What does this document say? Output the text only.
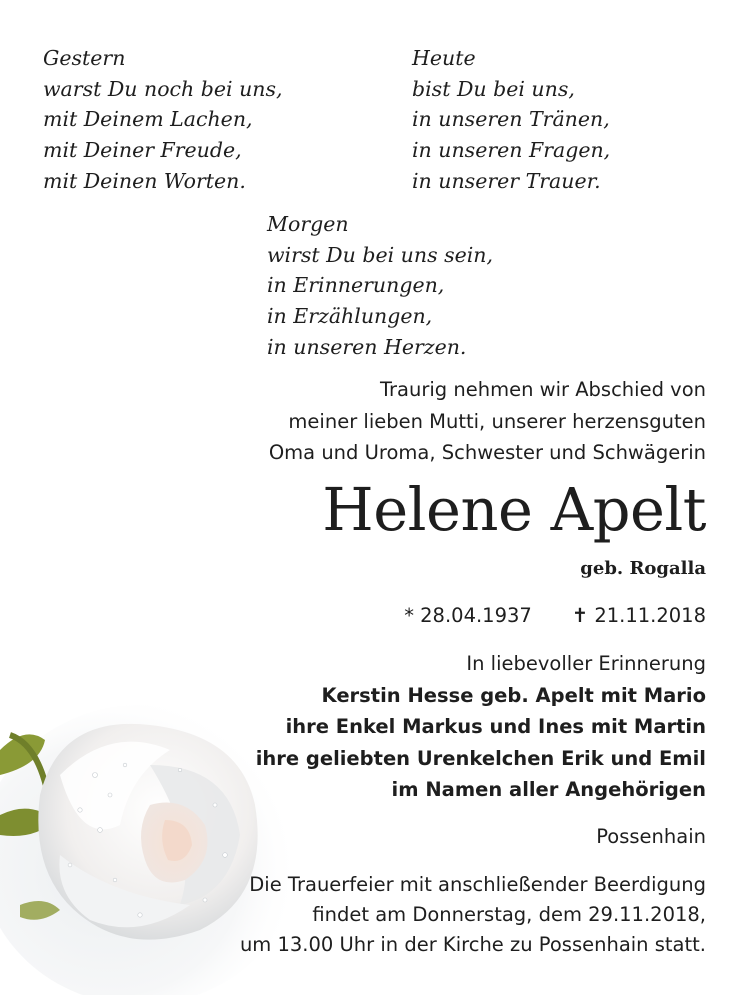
Gestern
warst Du noch bei uns,
mit Deinem Lachen,
mit Deiner Freude,
mit Deinen Worten.
Heute
bist Du bei uns,
in unseren Tränen,
in unseren Fragen,
in unserer Trauer.
Morgen
wirst Du bei uns sein,
in Erinnerungen,
in Erzählungen,
in unseren Herzen.
Traurig nehmen wir Abschied von
meiner lieben Mutti, unserer herzensguten
Oma und Uroma, Schwester und Schwägerin
Helene Apelt
geb. Rogalla
* 28.04.1937 ✝ 21.11.2018
In liebevoller Erinnerung
Kerstin Hesse geb. Apelt mit Mario
ihre Enkel Markus und Ines mit Martin
ihre geliebten Urenkelchen Erik und Emil
im Namen aller Angehörigen
Possenhain
Die Trauerfeier mit anschließender Beerdigung
findet am Donnerstag, dem 29.11.2018,
um 13.00 Uhr in der Kirche zu Possenhain statt.
